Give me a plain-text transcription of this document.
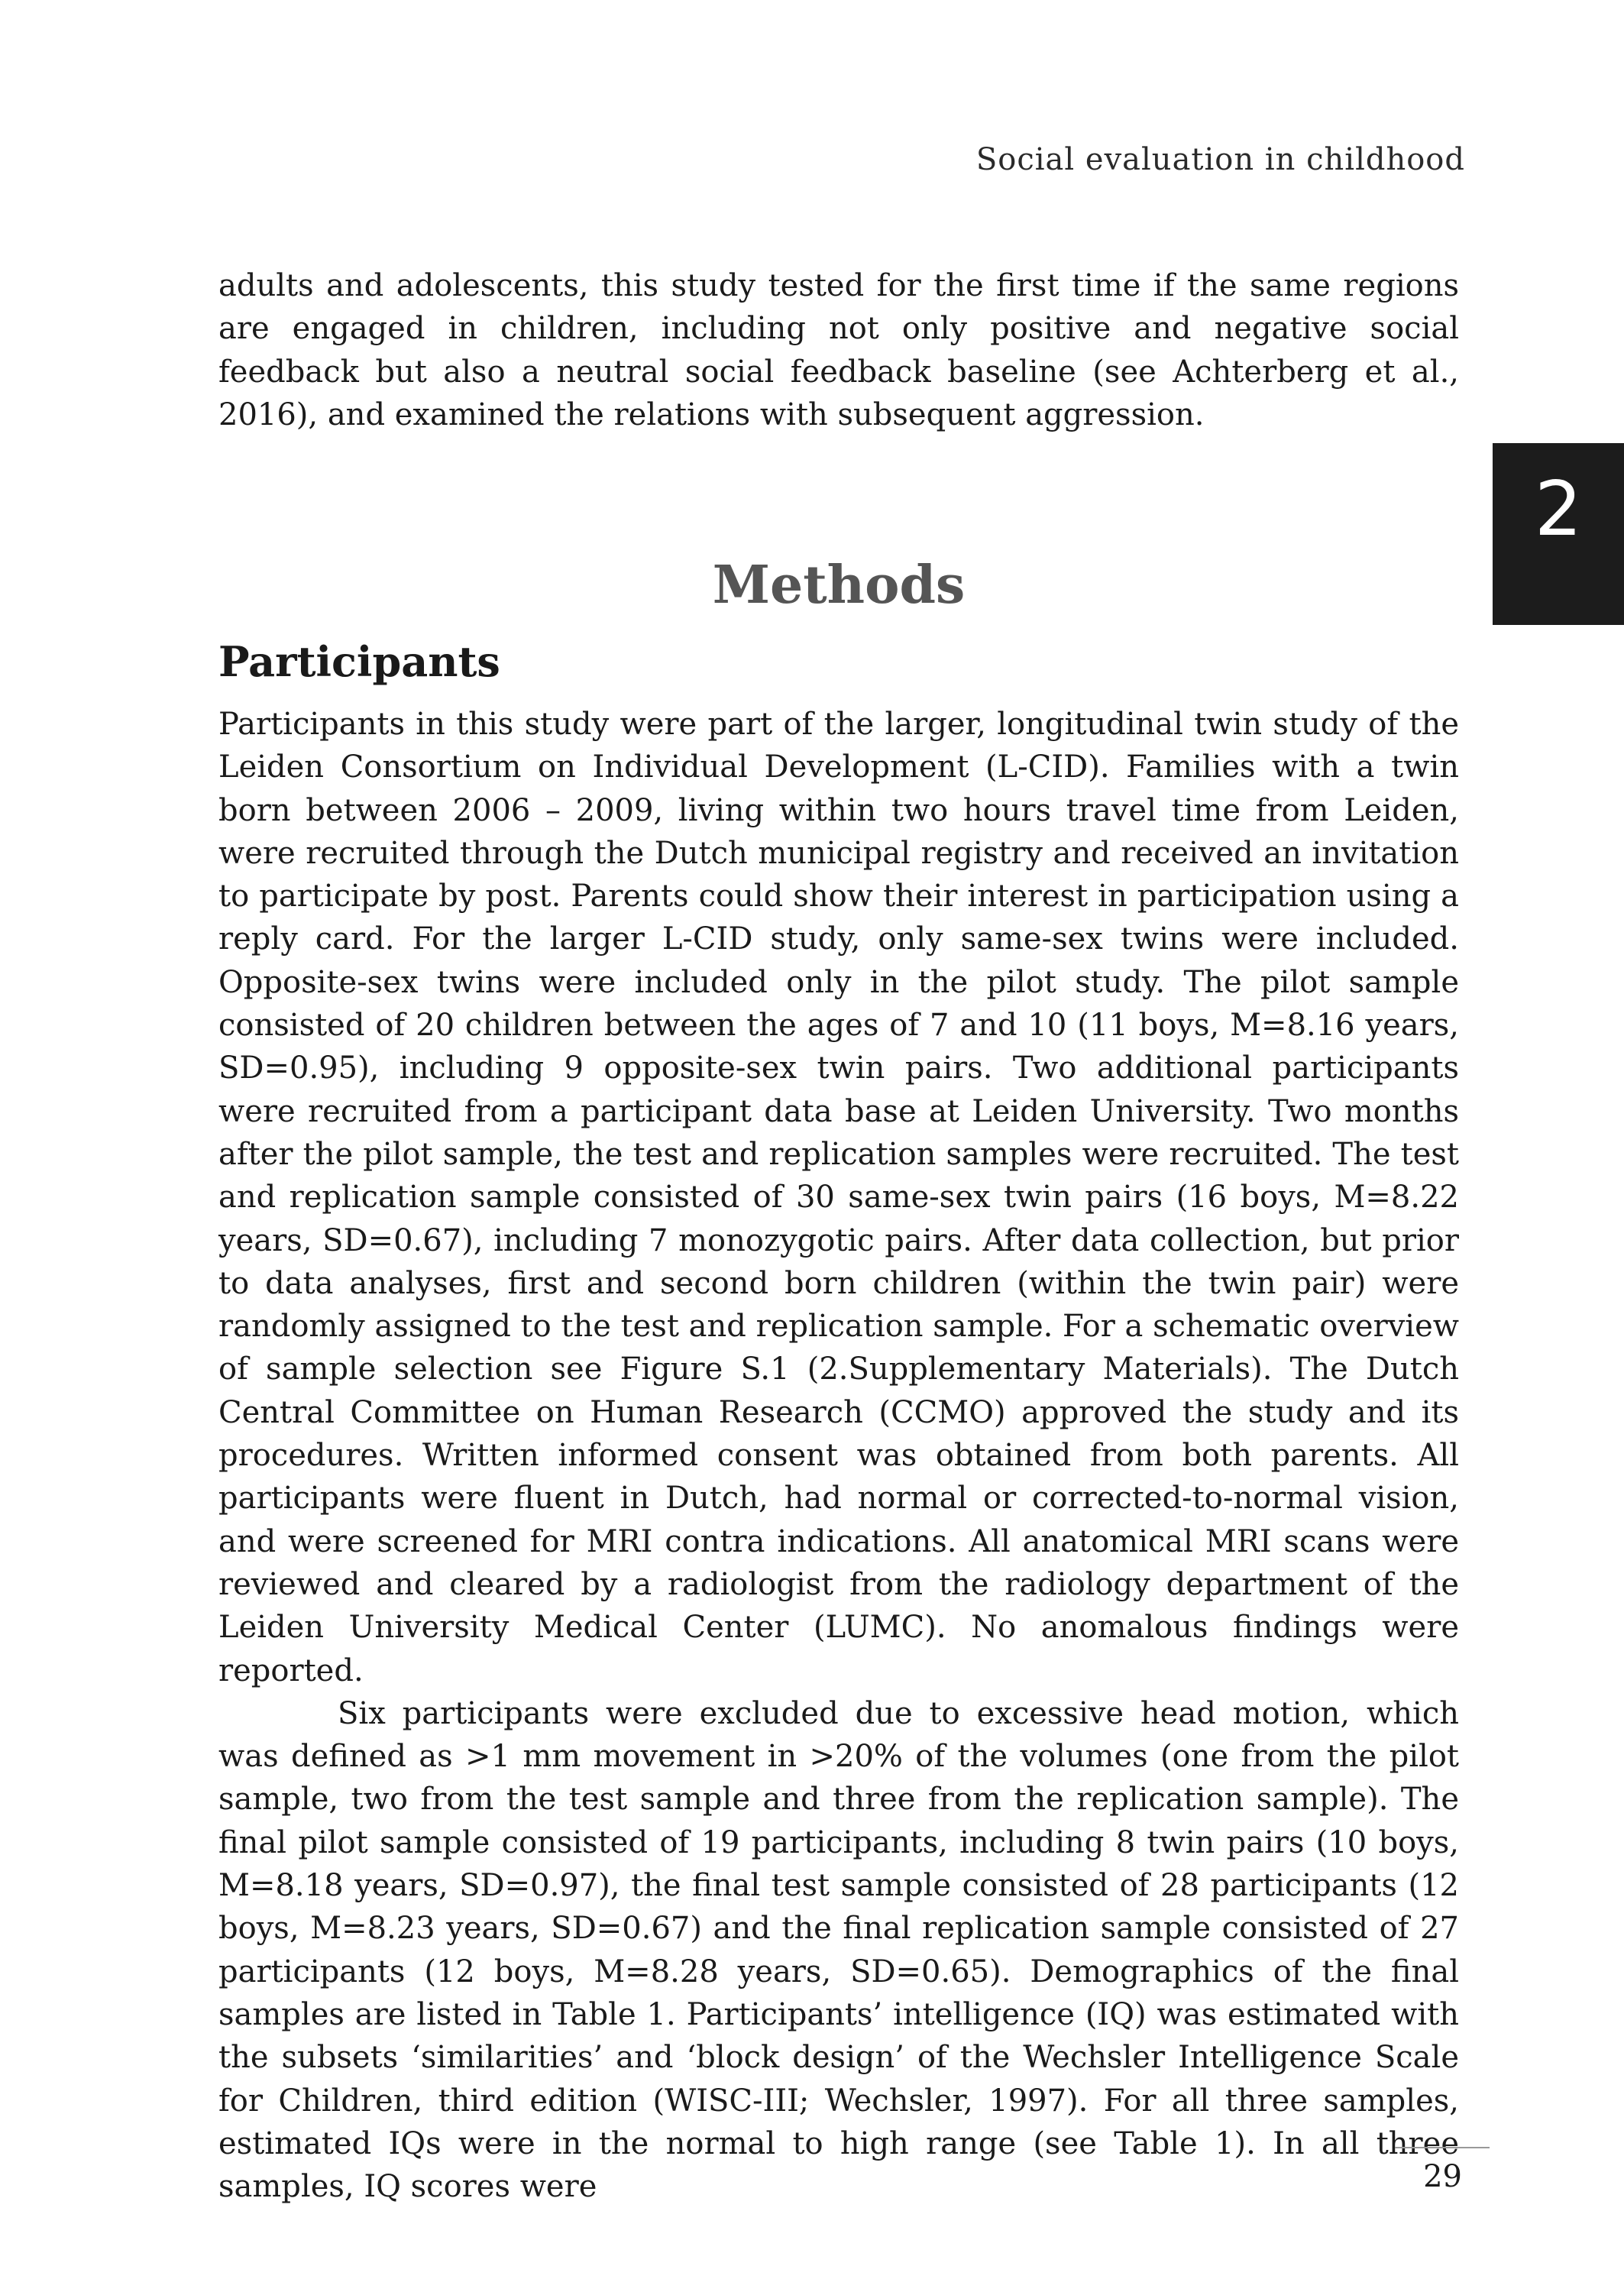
Social evaluation in childhood
2

adults and adolescents, this study tested for the first time if the same regions are engaged in children, including not only positive and negative social feedback but also a neutral social feedback baseline (see Achterberg et al., 2016), and examined the relations with subsequent aggression.

Methods
Participants

Participants in this study were part of the larger, longitudinal twin study of the Leiden Consortium on Individual Development (L-CID). Families with a twin born between 2006 – 2009, living within two hours travel time from Leiden, were recruited through the Dutch municipal registry and received an invitation to participate by post. Parents could show their interest in participation using a reply card. For the larger L-CID study, only same-sex twins were included. Opposite-sex twins were included only in the pilot study. The pilot sample consisted of 20 children between the ages of 7 and 10 (11 boys, M=8.16 years, SD=0.95), including 9 opposite-sex twin pairs. Two additional participants were recruited from a participant data base at Leiden University. Two months after the pilot sample, the test and replication samples were recruited. The test and replication sample consisted of 30 same-sex twin pairs (16 boys, M=8.22 years, SD=0.67), including 7 monozygotic pairs. After data collection, but prior to data analyses, first and second born children (within the twin pair) were randomly assigned to the test and replication sample. For a schematic overview of sample selection see Figure S.1 (2.Supplementary Materials). The Dutch Central Committee on Human Research (CCMO) approved the study and its procedures. Written informed consent was obtained from both parents. All participants were fluent in Dutch, had normal or corrected-to-normal vision, and were screened for MRI contra indications. All anatomical MRI scans were reviewed and cleared by a radiologist from the radiology department of the Leiden University Medical Center (LUMC). No anomalous findings were reported.

Six participants were excluded due to excessive head motion, which was defined as >1 mm movement in >20% of the volumes (one from the pilot sample, two from the test sample and three from the replication sample). The final pilot sample consisted of 19 participants, including 8 twin pairs (10 boys, M=8.18 years, SD=0.97), the final test sample consisted of 28 participants (12 boys, M=8.23 years, SD=0.67) and the final replication sample consisted of 27 participants (12 boys, M=8.28 years, SD=0.65). Demographics of the final samples are listed in Table 1. Participants’ intelligence (IQ) was estimated with the subsets ‘similarities’ and ‘block design’ of the Wechsler Intelligence Scale for Children, third edition (WISC-III; Wechsler, 1997). For all three samples, estimated IQs were in the normal to high range (see Table 1). In all three samples, IQ scores were	29
